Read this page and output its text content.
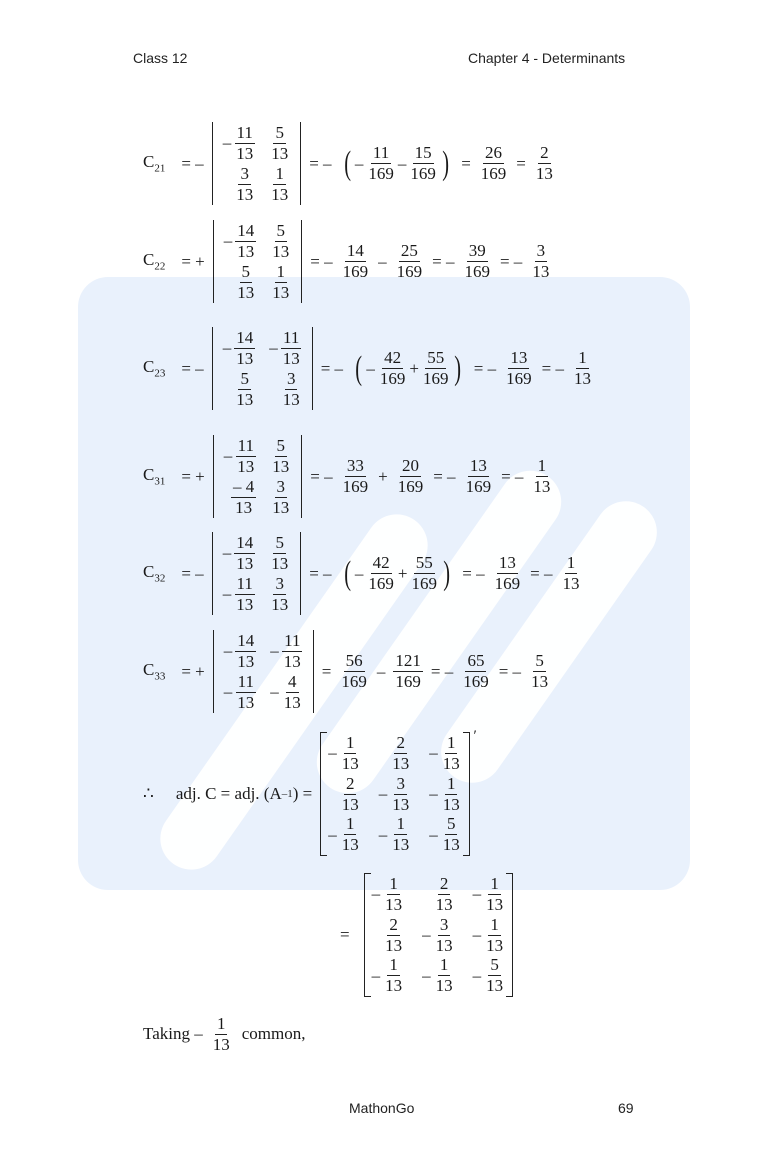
Class 12	Chapter 4 - Determinants
$C_{21}$ = –
– $\frac{11}{13} \frac{5}{13}$
$\frac{3}{13} \frac{1}{13}$
= – ( – $\frac{11}{169} - \frac{15}{169}$ ) = $\frac{26}{169} = \frac{2}{13}$
$C_{22}$ = +
– $\frac{14}{13} \frac{5}{13}$
$\frac{5}{13} \frac{1}{13}$
= – $\frac{14}{169} - \frac{25}{169}$ = – $\frac{39}{169}$ = – $\frac{3}{13}$
$C_{23}$ = –
– $\frac{14}{13} - \frac{11}{13}$
$\frac{5}{13} \frac{3}{13}$
= – ( – $\frac{42}{169} + \frac{55}{169}$ ) = – $\frac{13}{169}$ = – $\frac{1}{13}$
$C_{31}$ = +
– $\frac{11}{13} \frac{5}{13}$
$\frac{- 4}{13} \frac{3}{13}$
= – $\frac{33}{169} + \frac{20}{169}$ = – $\frac{13}{169}$ = – $\frac{1}{13}$
$C_{32}$ = –
– $\frac{14}{13} \frac{5}{13}$
– $\frac{11}{13} \frac{3}{13}$
= – ( – $\frac{42}{169} + \frac{55}{169}$ ) = – $\frac{13}{169}$ = – $\frac{1}{13}$
$C_{33}$ = +
– $\frac{14}{13} - \frac{11}{13}$
– $\frac{11}{13} - \frac{4}{13}$
= $\frac{56}{169} - \frac{121}{169}$ = – $\frac{65}{169}$ = – $\frac{5}{13}$
∴ adj. C = adj. (A –1 ) =
– $\frac{1}{13} \frac{2}{13} - \frac{1}{13}$
$\frac{2}{13} - \frac{3}{13} - \frac{1}{13}$
– $\frac{1}{13} - \frac{1}{13} - \frac{5}{13}$
′
=
– $\frac{1}{13} \frac{2}{13} - \frac{1}{13}$
$\frac{2}{13} - \frac{3}{13} - \frac{1}{13}$
– $\frac{1}{13} - \frac{1}{13} - \frac{5}{13}$
Taking – $\frac{1}{13}$ common,
MathonGo	69
